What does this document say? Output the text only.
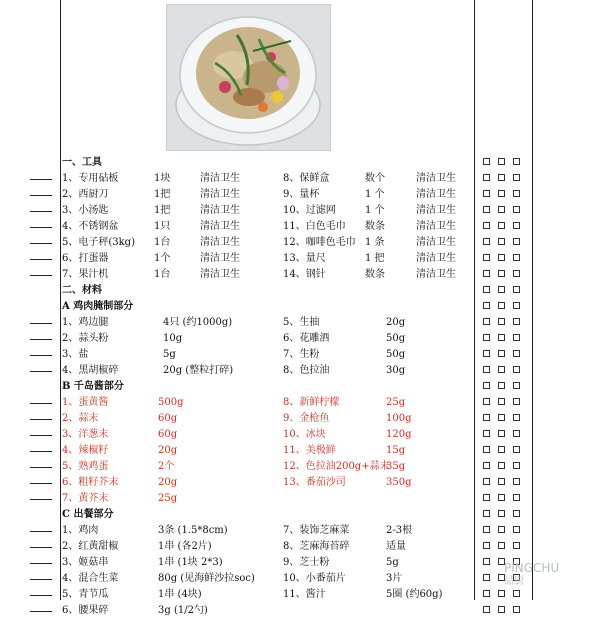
一、工具
1、专用砧板	1块	清洁卫生	8、保鲜盒	数个	清洁卫生
2、西厨刀	1把	清洁卫生	9、量杯	1 个	清洁卫生
3、小汤匙	1把	清洁卫生	10、过滤网	1 个	清洁卫生
4、不锈钢盆	1只	清洁卫生	11、白色毛巾 数条	清洁卫生
5、电子秤(3kg) 1台	清洁卫生	12、咖啡色毛巾 1 条	清洁卫生
6、打蛋器	1个	清洁卫生	13、量尺	1 把	清洁卫生
7、果汁机	1台	清洁卫生	14、钢针	数条	清洁卫生
二、材料
A 鸡肉腌制部分
1、鸡边腿	4只 (约1000g)	5、生抽	20g
2、蒜头粉	10g	6、花雕酒	50g
3、盐	5g	7、生粉	50g
4、黑胡椒碎	20g (整粒打碎)	8、色拉油	30g
B 千岛酱部分
1、蛋黄酱	500g	8、新鲜柠檬	25g
2、蒜末	60g	9、金枪鱼	100g
3、洋葱末	60g	10、冰块	120g
4、辣椒籽	20g	11、美极鲜	15g
5、熟鸡蛋	2个	12、色拉油200g+蒜末
35g
6、粗籽芥末	20g	13、番茄沙司	350g
7、黄芥末	25g
C 出餐部分
1、鸡肉	3条 (1.5*8cm)	7、装饰芝麻菜	2-3根
2、红黄甜椒	1串 (各2片)	8、芝麻海苔碎	适量
3、姬菇串	1串 (1块 2*3)	9、芝士粉	5g
4、混合生菜	80g (见海鲜沙拉soc)	10、小番茄片	3片
5、青节瓜	1串 (4块)	11、酱汁	5圈 (约60g)
6、腰果碎	3g (1/2勺)
PINGCHU
品厨
